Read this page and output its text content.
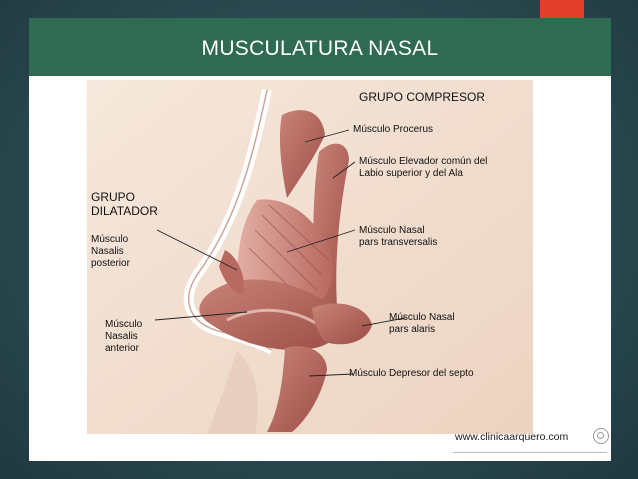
MUSCULATURA NASAL
GRUPO COMPRESOR
Músculo Procerus
Músculo Elevador común del
Labio superior y del Ala
Músculo Nasal
pars transversalis
Músculo Nasal
pars alaris
Músculo Depresor del septo
GRUPO
DILATADOR
Músculo
Nasalis
posterior
Músculo
Nasalis
anterior
www.clinicaarquero.com
